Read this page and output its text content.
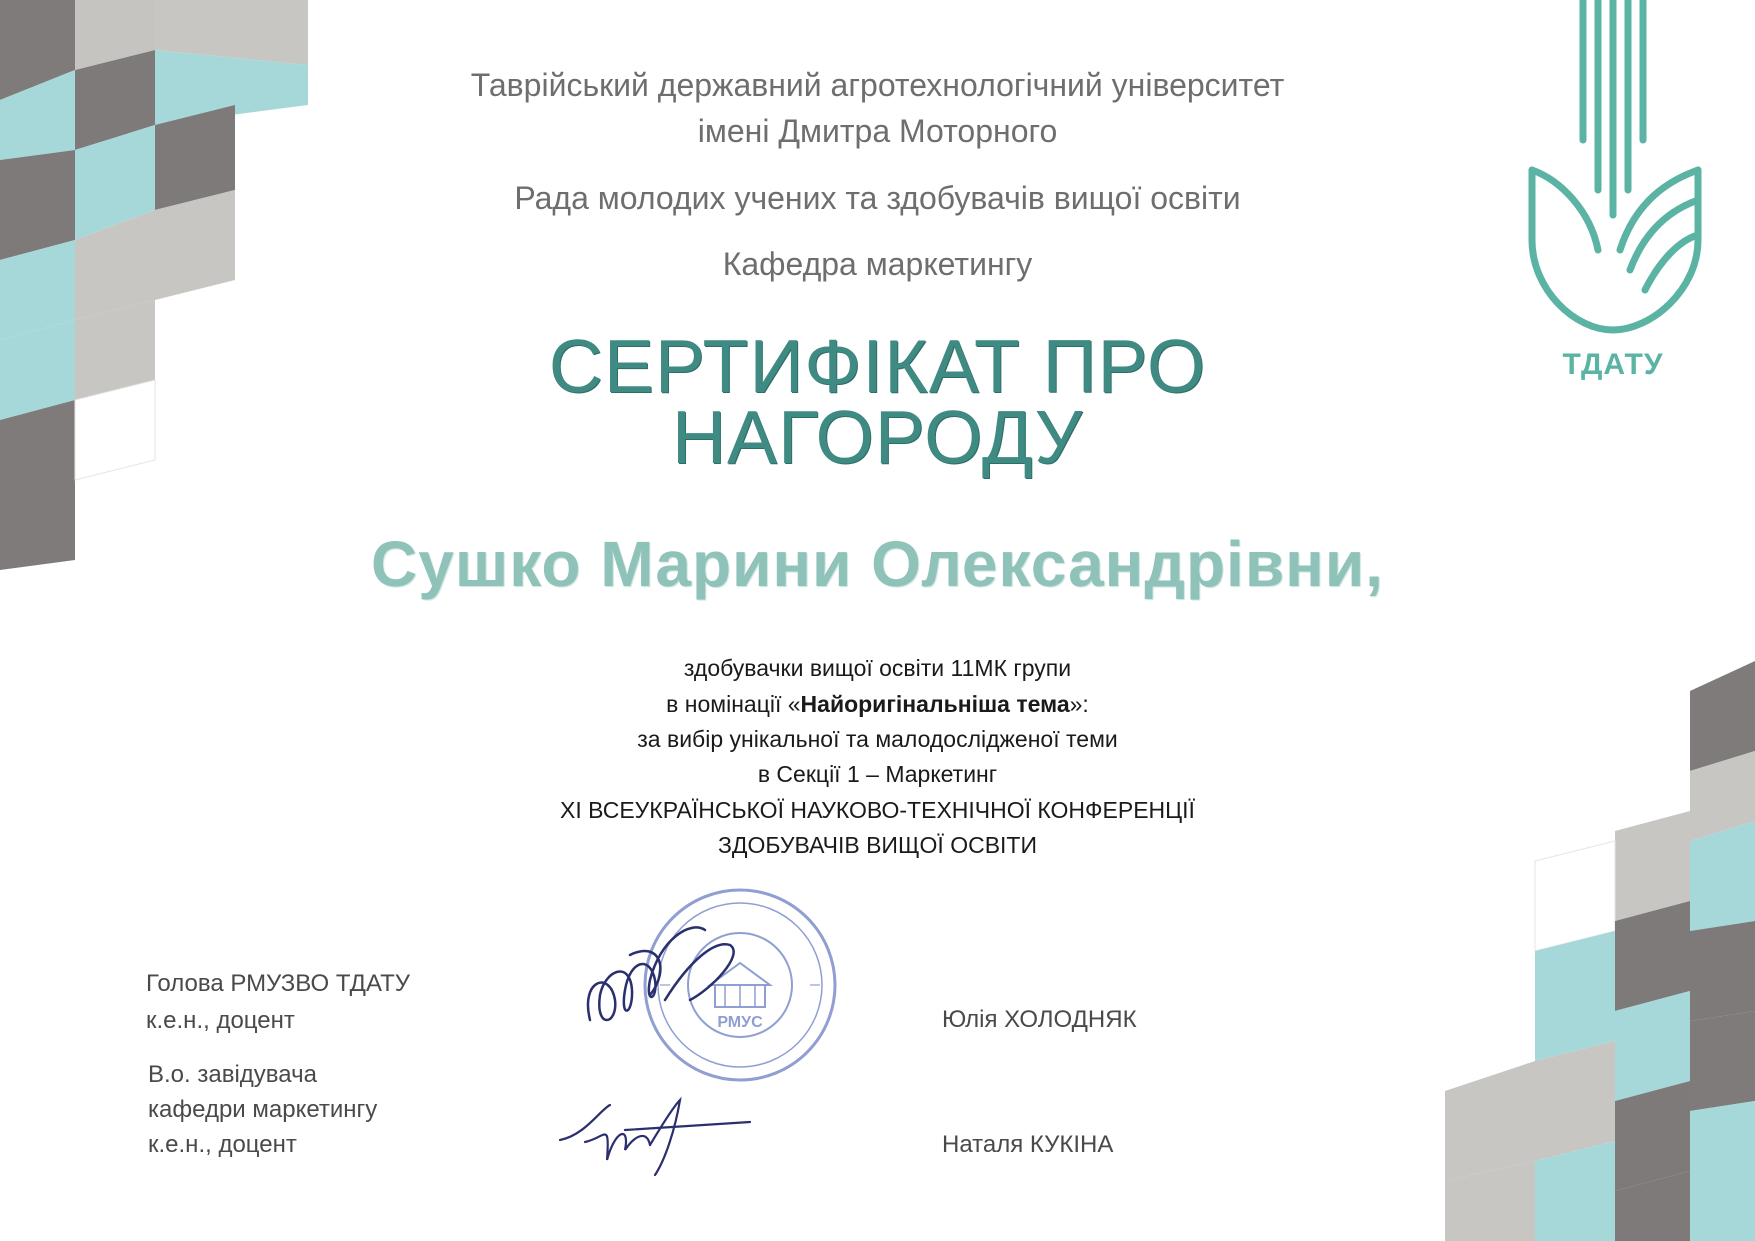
ТДАТУ
Таврійський державний агротехнологічний університет
імені Дмитра Моторного
Рада молодих учених та здобувачів вищої освіти
Кафедра маркетингу
СЕРТИФІКАТ ПРО
НАГОРОДУ
Сушко Марини Олександрівни,
здобувачки вищої освіти 11МК групи
в номінації «Найоригінальніша тема»:
за вибір унікальної та малодослідженої теми
в Секції 1 – Маркетинг
XI ВСЕУКРАЇНСЬКОЇ НАУКОВО-ТЕХНІЧНОЇ КОНФЕРЕНЦІЇ
ЗДОБУВАЧІВ ВИЩОЇ ОСВІТИ
Голова РМУЗВО ТДАТУ
к.е.н., доцент	Юлія ХОЛОДНЯК
В.о. завідувача
кафедри маркетингу
к.е.н., доцент	Наталя КУКІНА
РМУС
